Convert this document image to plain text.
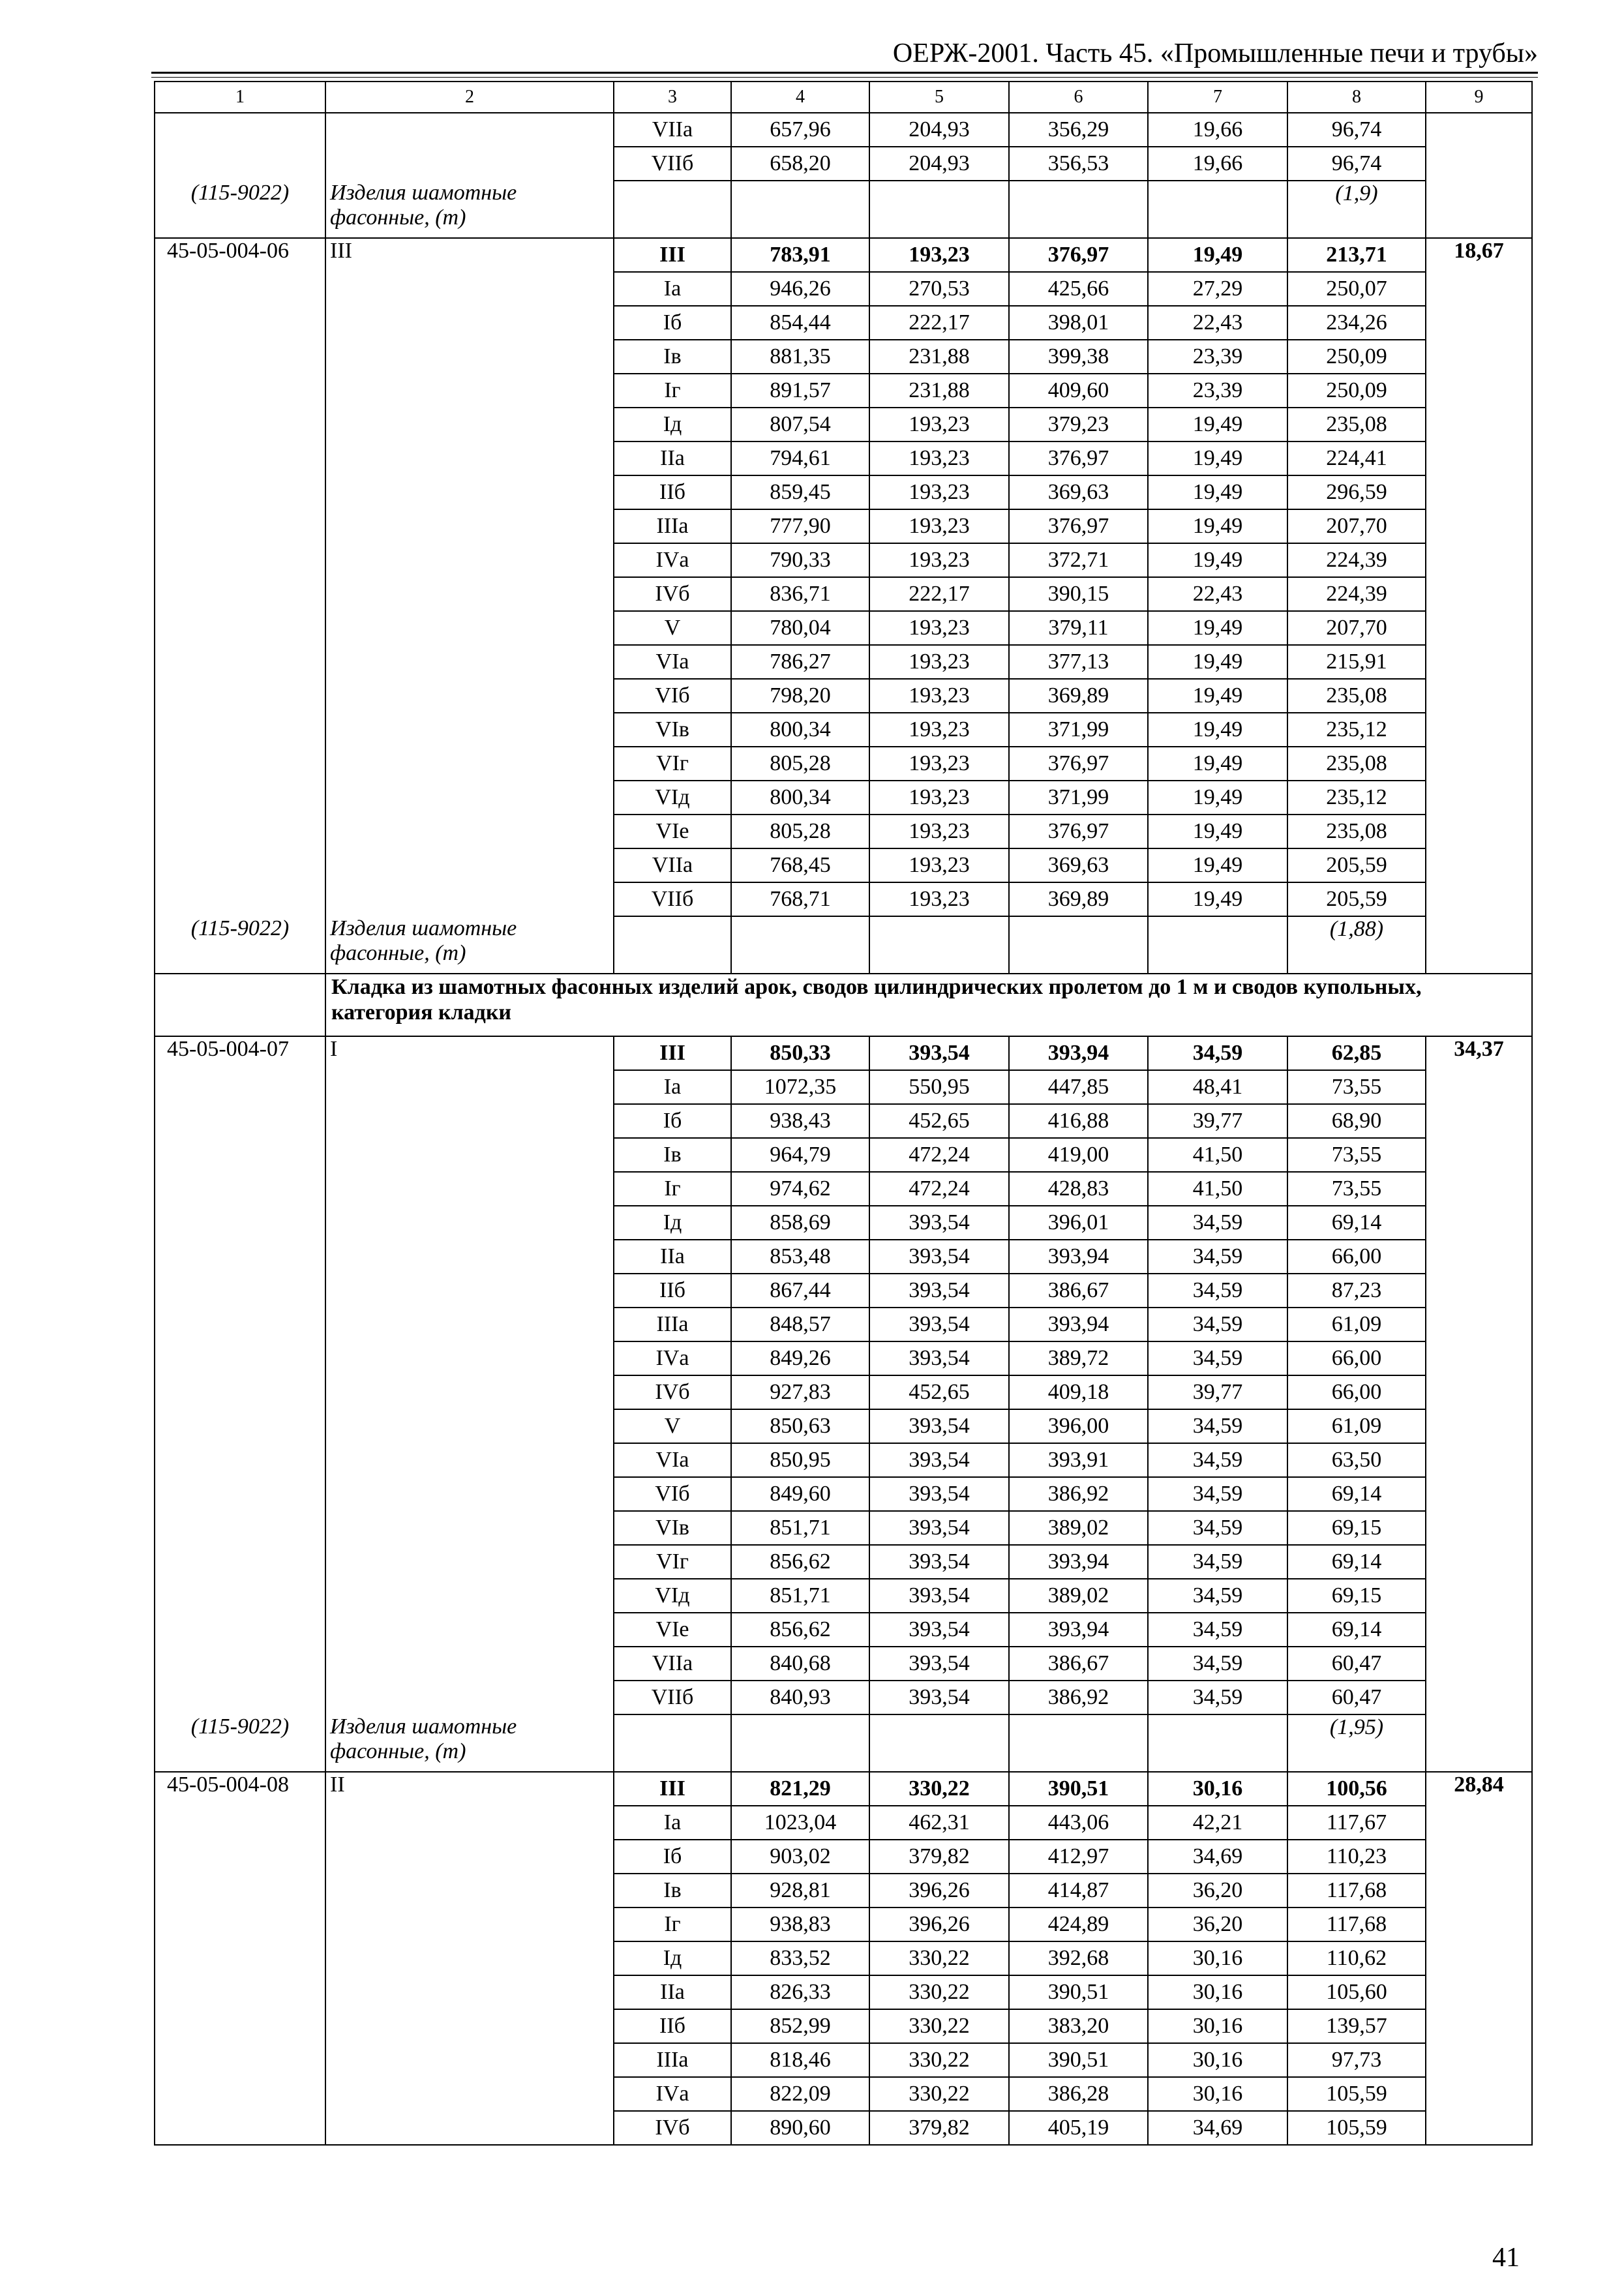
ОЕРЖ-2001. Часть 45. «Промышленные печи и трубы»
1	2	3	4	5	6	7	8	9
		VIIа	657,96	204,93	356,29	19,66	96,74	
		VIIб	658,20	204,93	356,53	19,66	96,74	
(115-9022)	Изделия шамотные фасонные, (т)						(1,9)	
45-05-004-06	III	III	783,91	193,23	376,97	19,49	213,71	18,67
		Iа	946,26	270,53	425,66	27,29	250,07	
		Iб	854,44	222,17	398,01	22,43	234,26	
		Iв	881,35	231,88	399,38	23,39	250,09	
		Iг	891,57	231,88	409,60	23,39	250,09	
		Iд	807,54	193,23	379,23	19,49	235,08	
		IIа	794,61	193,23	376,97	19,49	224,41	
		IIб	859,45	193,23	369,63	19,49	296,59	
		IIIа	777,90	193,23	376,97	19,49	207,70	
		IVа	790,33	193,23	372,71	19,49	224,39	
		IVб	836,71	222,17	390,15	22,43	224,39	
		V	780,04	193,23	379,11	19,49	207,70	
		VIа	786,27	193,23	377,13	19,49	215,91	
		VIб	798,20	193,23	369,89	19,49	235,08	
		VIв	800,34	193,23	371,99	19,49	235,12	
		VIг	805,28	193,23	376,97	19,49	235,08	
		VIд	800,34	193,23	371,99	19,49	235,12	
		VIе	805,28	193,23	376,97	19,49	235,08	
		VIIа	768,45	193,23	369,63	19,49	205,59	
		VIIб	768,71	193,23	369,89	19,49	205,59	
(115-9022)	Изделия шамотные фасонные, (т)						(1,88)	
	Кладка из шамотных фасонных изделий арок, сводов цилиндрических пролетом до 1 м и сводов купольных, категория кладки							
45-05-004-07	I	III	850,33	393,54	393,94	34,59	62,85	34,37
		Iа	1072,35	550,95	447,85	48,41	73,55	
		Iб	938,43	452,65	416,88	39,77	68,90	
		Iв	964,79	472,24	419,00	41,50	73,55	
		Iг	974,62	472,24	428,83	41,50	73,55	
		Iд	858,69	393,54	396,01	34,59	69,14	
		IIа	853,48	393,54	393,94	34,59	66,00	
		IIб	867,44	393,54	386,67	34,59	87,23	
		IIIа	848,57	393,54	393,94	34,59	61,09	
		IVа	849,26	393,54	389,72	34,59	66,00	
		IVб	927,83	452,65	409,18	39,77	66,00	
		V	850,63	393,54	396,00	34,59	61,09	
		VIа	850,95	393,54	393,91	34,59	63,50	
		VIб	849,60	393,54	386,92	34,59	69,14	
		VIв	851,71	393,54	389,02	34,59	69,15	
		VIг	856,62	393,54	393,94	34,59	69,14	
		VIд	851,71	393,54	389,02	34,59	69,15	
		VIе	856,62	393,54	393,94	34,59	69,14	
		VIIа	840,68	393,54	386,67	34,59	60,47	
		VIIб	840,93	393,54	386,92	34,59	60,47	
(115-9022)	Изделия шамотные фасонные, (т)						(1,95)	
45-05-004-08	II	III	821,29	330,22	390,51	30,16	100,56	28,84
		Iа	1023,04	462,31	443,06	42,21	117,67	
		Iб	903,02	379,82	412,97	34,69	110,23	
		Iв	928,81	396,26	414,87	36,20	117,68	
		Iг	938,83	396,26	424,89	36,20	117,68	
		Iд	833,52	330,22	392,68	30,16	110,62	
		IIа	826,33	330,22	390,51	30,16	105,60	
		IIб	852,99	330,22	383,20	30,16	139,57	
		IIIа	818,46	330,22	390,51	30,16	97,73	
		IVа	822,09	330,22	386,28	30,16	105,59	
		IVб	890,60	379,82	405,19	34,69	105,59	
41
